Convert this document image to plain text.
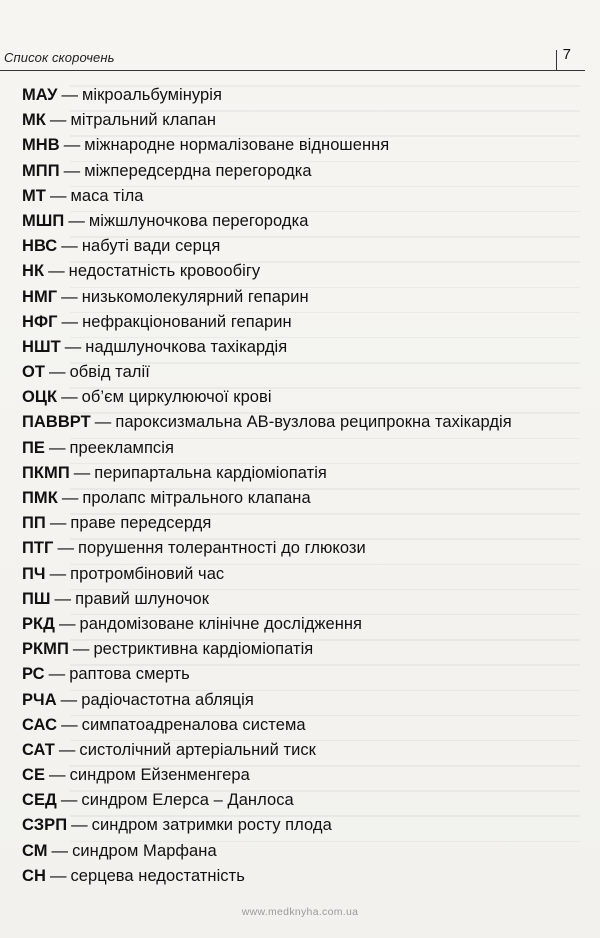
Список скорочень	7
МАУ — мікроальбумінурія
МК — мітральний клапан
МНВ — міжнародне нормалізоване відношення
МПП — міжпередсердна перегородка
МТ — маса тіла
МШП — міжшлуночкова перегородка
НВС — набуті вади серця
НК — недостатність кровообігу
НМГ — низькомолекулярний гепарин
НФГ — нефракціонований гепарин
НШТ — надшлуночкова тахікардія
ОТ — обвід талії
ОЦК — об’єм циркулюючої крові
ПАВВРТ — пароксизмальна АВ-вузлова реципрокна тахікардія
ПЕ — прееклампсія
ПКМП — перипартальна кардіоміопатія
ПМК — пролапс мітрального клапана
ПП — праве передсердя
ПТГ — порушення толерантності до глюкози
ПЧ — протромбіновий час
ПШ — правий шлуночок
РКД — рандомізоване клінічне дослідження
РКМП — рестриктивна кардіоміопатія
РС — раптова смерть
РЧА — радіочастотна абляція
САС — симпатоадреналова система
САТ — систолічний артеріальний тиск
СЕ — синдром Ейзенменгера
СЕД — синдром Елерса – Данлоса
СЗРП — синдром затримки росту плода
СМ — синдром Марфана
СН — серцева недостатність
www.medknyha.com.ua
